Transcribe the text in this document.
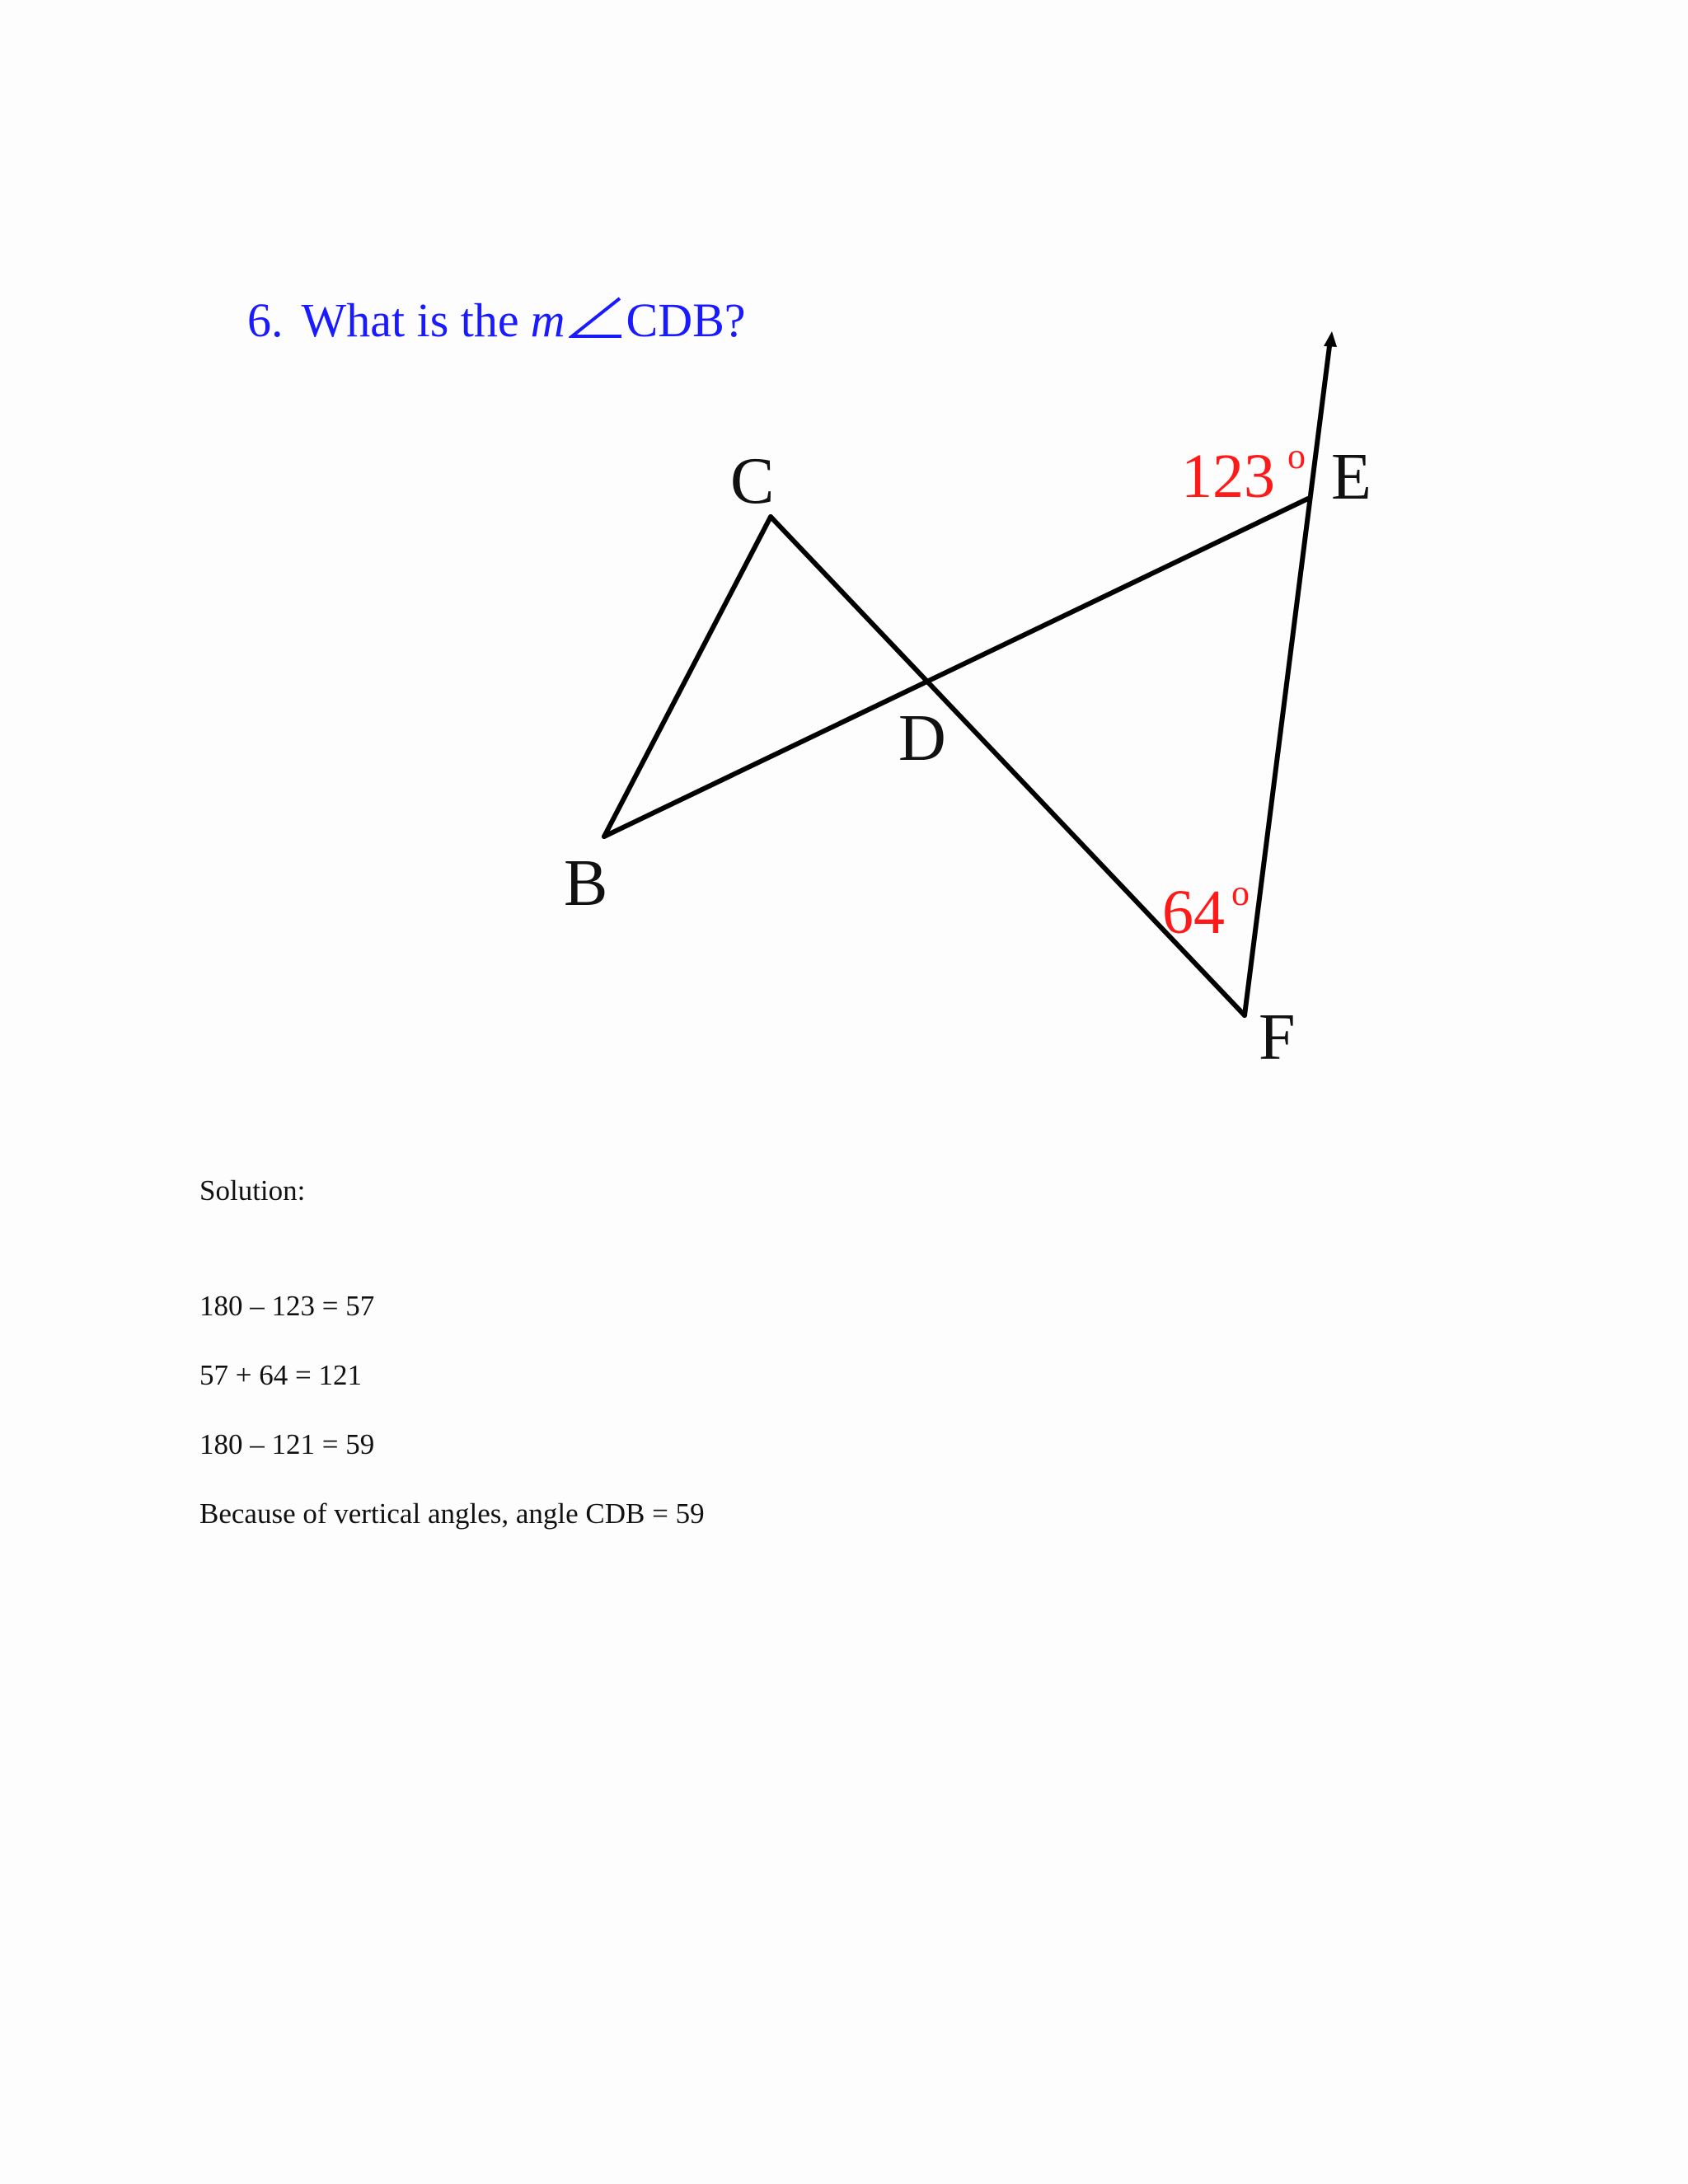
6. What is the m CDB?
C	E
D
B
F
123 o
64 o
Solution:
180 – 123 = 57
57 + 64 = 121
180 – 121 = 59
Because of vertical angles, angle CDB = 59
